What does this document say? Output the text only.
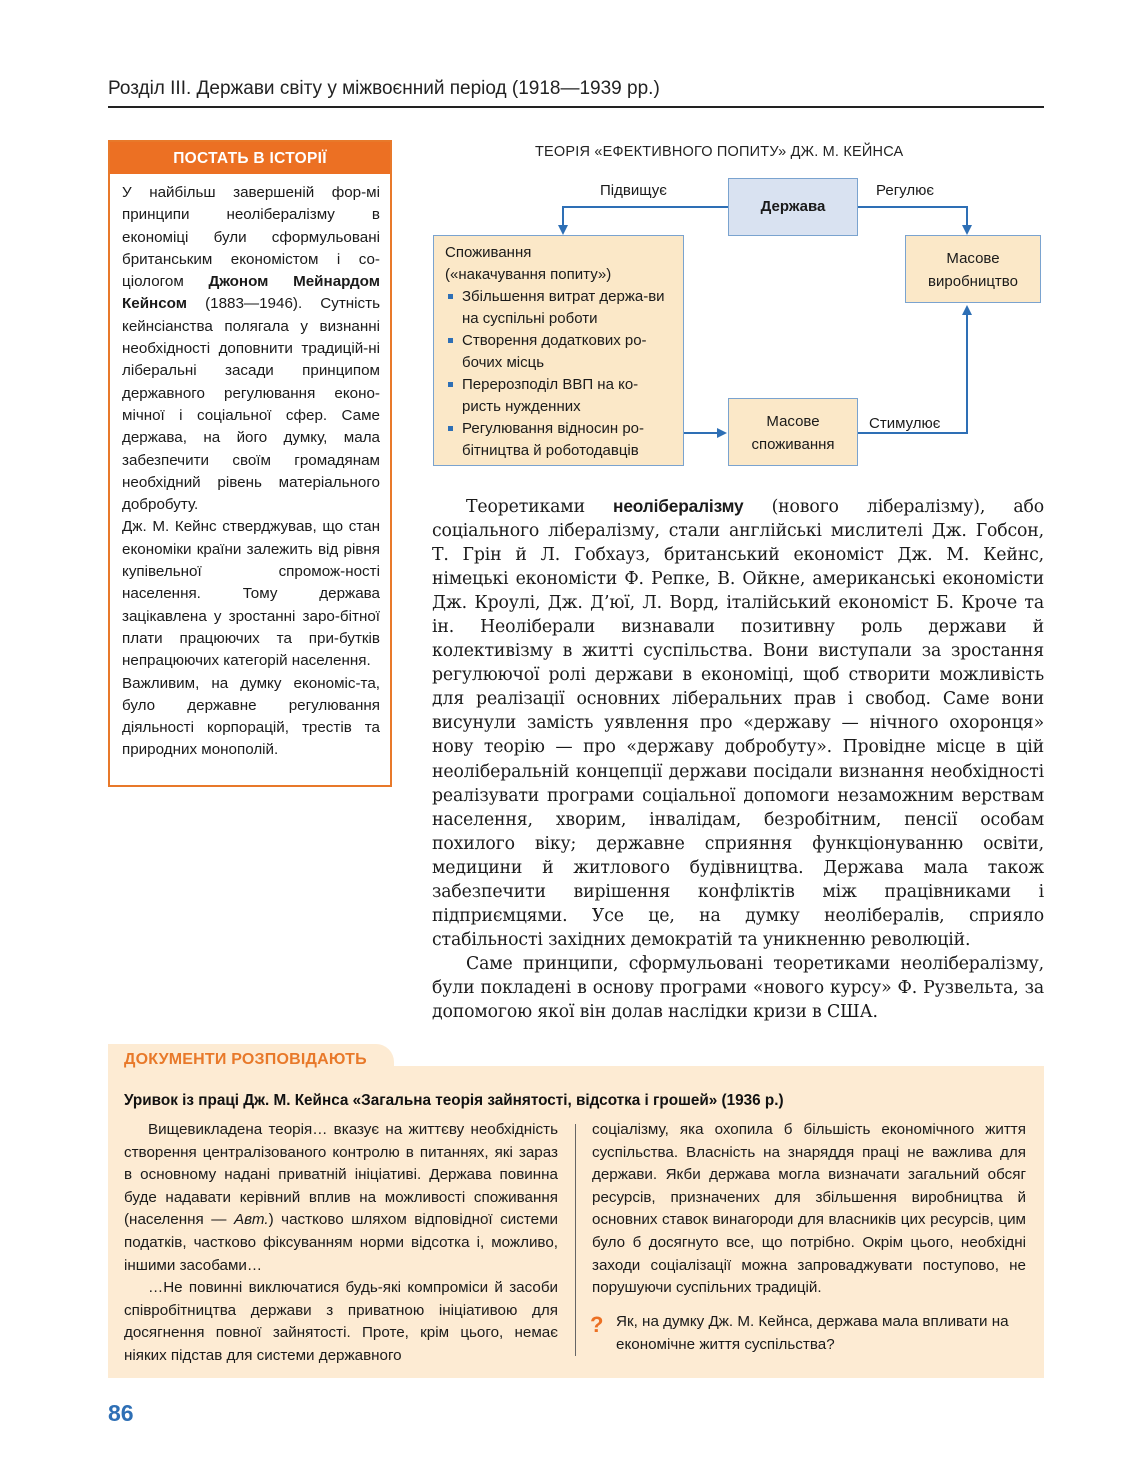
Розділ ІІІ. Держави світу у міжвоєнний період (1918—1939 рр.)
ПОСТАТЬ В ІСТОРІЇ

У найбільш завершеній фор-мі принципи неолібералізму в економіці були сформульовані британським економістом і со-ціологом Джоном Мейнардом Кейнсом (1883—1946). Сутність кейнсіанства полягала у визнанні необхідності доповнити традицій-ні ліберальні засади принципом державного регулювання еконо-мічної і соціальної сфер. Саме держава, на його думку, мала забезпечити своїм громадянам необхідний рівень матеріального добробуту.

Дж. М. Кейнс стверджував, що стан економіки країни залежить від рівня купівельної спромож-ності населення. Тому держава зацікавлена у зростанні заро-бітної плати працюючих та при-бутків непрацюючих категорій населення.

Важливим, на думку економіс-та, було державне регулювання діяльності корпорацій, трестів та природних монополій.

ТЕОРІЯ «ЕФЕКТИВНОГО ПОПИТУ» ДЖ. М. КЕЙНСА
Підвищує	Регулює
Стимулює
Держава
Споживання
(«накачування попиту»)
Збільшення витрат держа-ви на суспільні роботи
Створення додаткових ро-бочих місць
Перерозподіл ВВП на ко-ристь нужденних
Регулювання відносин ро-бітництва й роботодавців
Масове виробництво
Масове споживання

Теоретиками неолібералізму (нового лібералізму), або соціального лібералізму, стали англійські мислителі Дж. Гобсон, Т. Грін й Л. Гобхауз, британський економіст Дж. М. Кейнс, німецькі економісти Ф. Репке, В. Ойкне, американські економісти Дж. Кроулі, Дж. Д’юї, Л. Ворд, італійський економіст Б. Кроче та ін. Неоліберали визнавали позитивну роль держави й колективізму в житті суспільства. Вони виступали за зростання регулюючої ролі держави в економіці, щоб створити можливість для реалізації основних ліберальних прав і свобод. Саме вони висунули замість уявлення про «державу — нічного охоронця» нову теорію — про «державу добробуту». Провідне місце в цій неоліберальній концепції держави посідали визнання необхідності реалізувати програми соціальної допомоги незаможним верствам населення, хворим, інвалідам, безробітним, пенсії особам похилого віку; державне сприяння функціонуванню освіти, медицини й житлового будівництва. Держава мала також забезпечити вирішення конфліктів між працівниками і підприємцями. Усе це, на думку неолібералів, сприяло стабільності західних демократій та уникненню революцій.

Саме принципи, сформульовані теоретиками неолібералізму, були покладені в основу програми «нового курсу» Ф. Рузвельта, за допомогою якої він долав наслідки кризи в США.

ДОКУМЕНТИ РОЗПОВІДАЮТЬ
Уривок із праці Дж. М. Кейнса «Загальна теорія зайнятості, відсотка і грошей» (1936 р.)

Вищевикладена теорія… вказує на життєву необхідність створення централізованого контролю в питаннях, які зараз в основному надані приватній ініціативі. Держава повинна буде надавати керівний вплив на можливості споживання (населення — Авт.) частково шляхом відповідної системи податків, частково фіксуванням норми відсотка і, можливо, іншими засобами…

…Не повинні виключатися будь-які компроміси й засоби співробітництва держави з приватною ініціативою для досягнення повної зайнятості. Проте, крім цього, немає ніяких підстав для системи державного

соціалізму, яка охопила б більшість економічного життя суспільства. Власність на знаряддя праці не важлива для держави. Якби держава могла визначати загальний обсяг ресурсів, призначених для збільшення виробництва й основних ставок винагороди для власників цих ресурсів, цим було б досягнуто все, що потрібно. Окрім цього, необхідні заходи соціалізації можна запроваджувати поступово, не порушуючи суспільних традицій.

? Як, на думку Дж. М. Кейнса, держава мала впливати на економічне життя суспільства?
86
